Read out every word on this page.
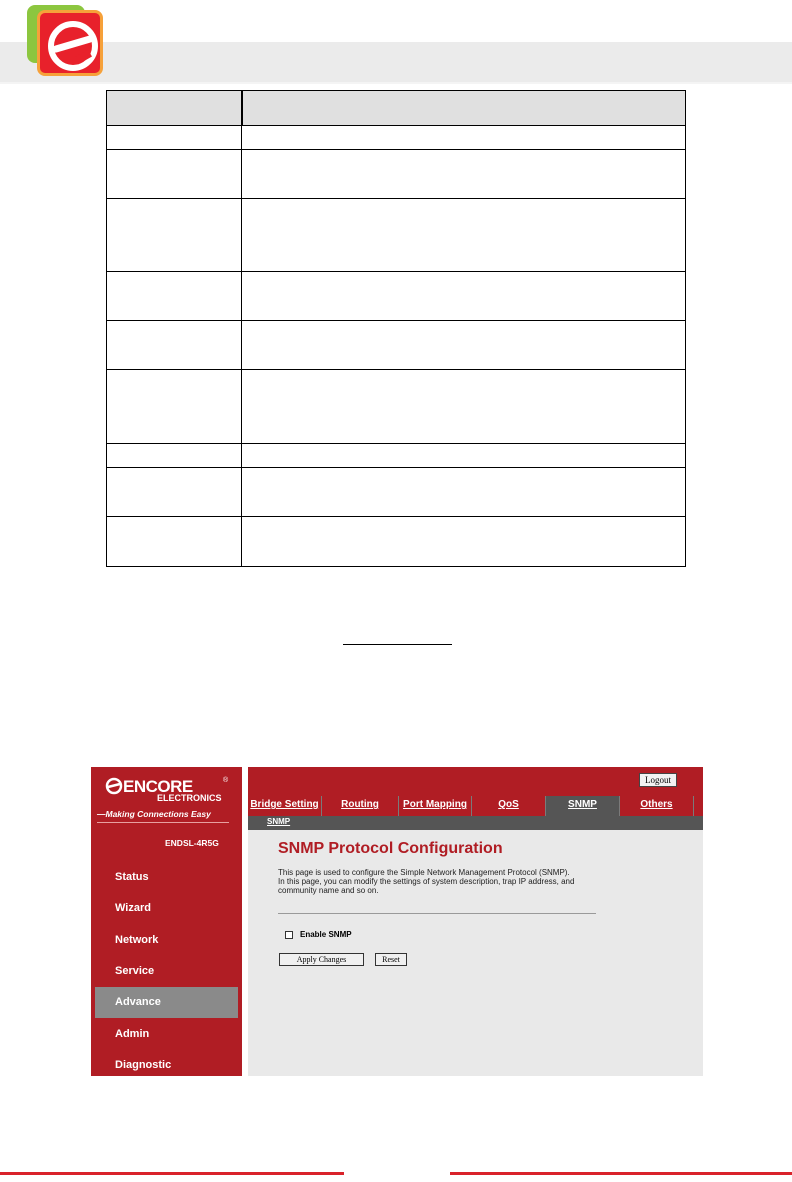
ENCORE	®
ELECTRONICS
—Making Connections Easy
ENDSL-4R5G
Status
Wizard
Network
Service
Advance
Admin
Diagnostic
Logout
Bridge Setting	Routing	Port Mapping	QoS	SNMP	Others
SNMP
SNMP Protocol Configuration
This page is used to configure the Simple Network Management Protocol (SNMP).
In this page, you can modify the settings of system description, trap IP address, and community name and so on.
Enable SNMP
Apply Changes	Reset
